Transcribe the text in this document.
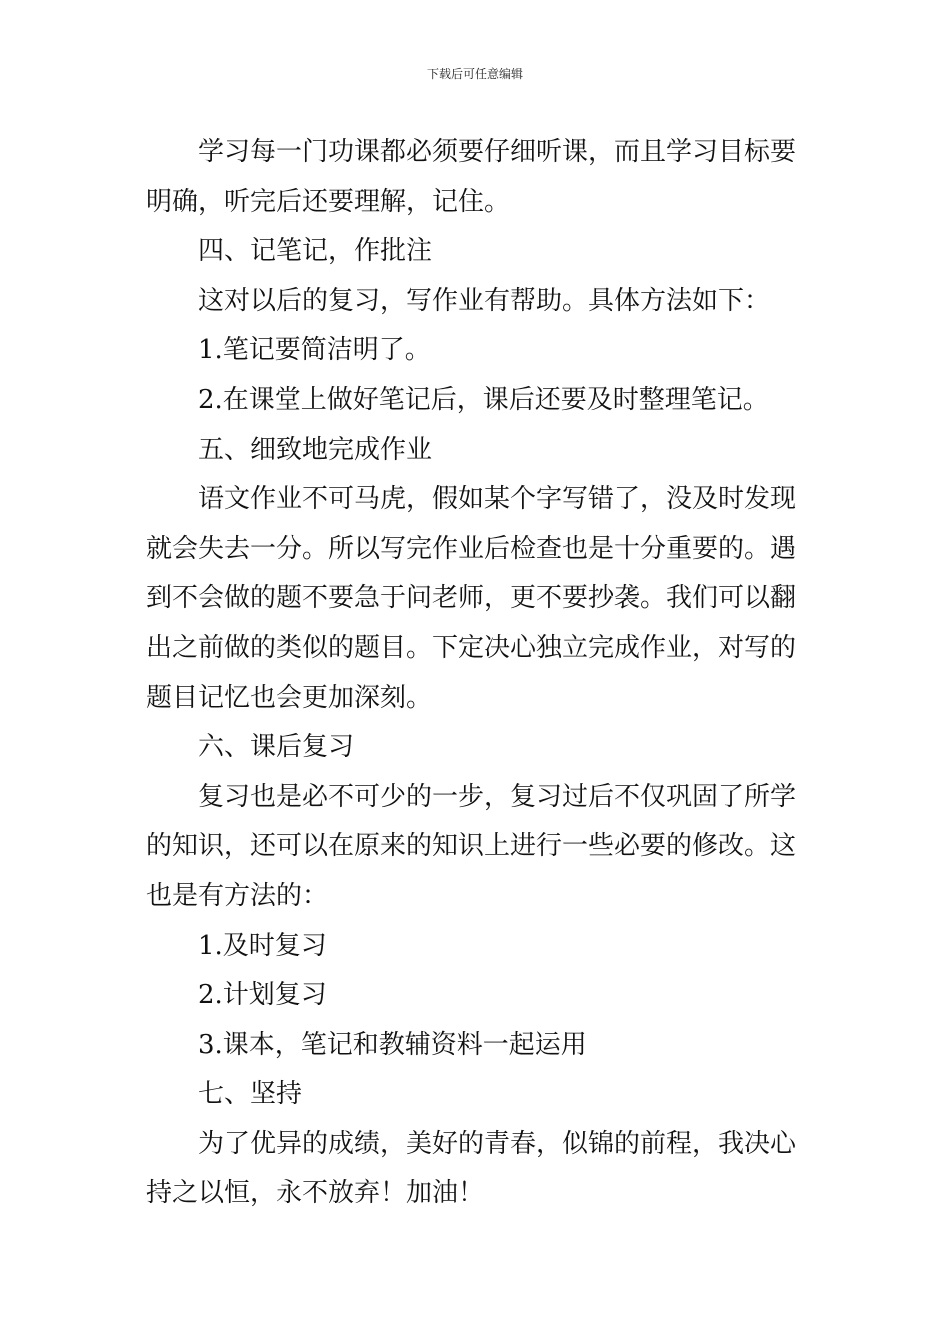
下载后可任意编辑
学习每一门功课都必须要仔细听课，而且学习目标要
明确，听完后还要理解，记住。
四、记笔记，作批注
这对以后的复习，写作业有帮助。具体方法如下：
1.笔记要简洁明了。
2.在课堂上做好笔记后，课后还要及时整理笔记。
五、细致地完成作业
语文作业不可马虎，假如某个字写错了，没及时发现
就会失去一分。所以写完作业后检查也是十分重要的。遇
到不会做的题不要急于问老师，更不要抄袭。我们可以翻
出之前做的类似的题目。下定决心独立完成作业，对写的
题目记忆也会更加深刻。
六、课后复习
复习也是必不可少的一步，复习过后不仅巩固了所学
的知识，还可以在原来的知识上进行一些必要的修改。这
也是有方法的：
1.及时复习
2.计划复习
3.课本，笔记和教辅资料一起运用
七、坚持
为了优异的成绩，美好的青春，似锦的前程，我决心
持之以恒，永不放弃！加油！
